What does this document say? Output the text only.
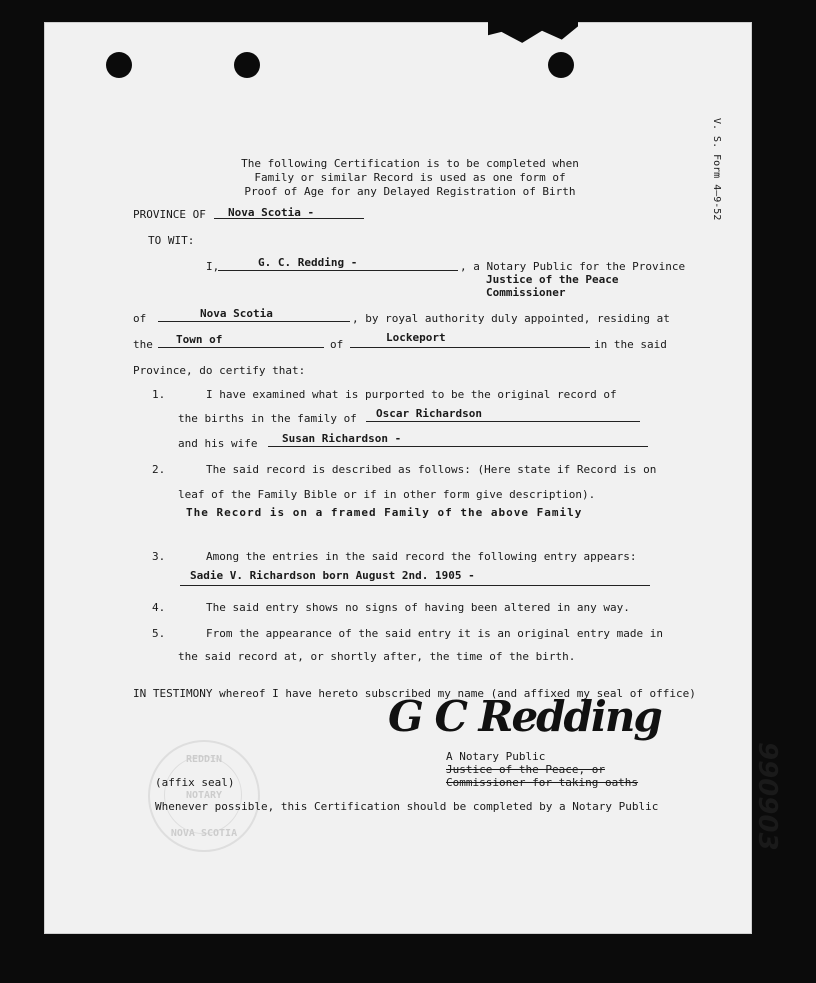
V. S. Form 4—9-52
990903
The following Certification is to be completed when
Family or similar Record is used as one form of
Proof of Age for any Delayed Registration of Birth
PROVINCE OF Nova Scotia -
TO WIT:
I,	G. C. Redding -	, a Notary Public for the Province
Justice of the Peace
Commissioner
of	Nova Scotia	, by royal authority duly appointed, residing at
the Town of	of
Lockeport
in the said
Province, do certify that:
1.	I have examined what is purported to be the original record of
the births in the family of Oscar Richardson
and his wife Susan Richardson -
2.	The said record is described as follows: (Here state if Record is on
leaf of the Family Bible or if in other form give description).
The Record is on a framed Family of the above Family
3.	Among the entries in the said record the following entry appears:
Sadie V. Richardson born August 2nd. 1905 -
4.	The said entry shows no signs of having been altered in any way.
5.	From the appearance of the said entry it is an original entry made in
the said record at, or shortly after, the time of the birth.
IN TESTIMONY whereof I have hereto subscribed my name (and affixed my seal of office)
G C Redding
A Notary Public
Justice of the Peace, or
Commissioner for taking oaths
REDDIN
NOTARY
NOVA SCOTIA
(affix seal)
Whenever possible, this Certification should be completed by a Notary Public
